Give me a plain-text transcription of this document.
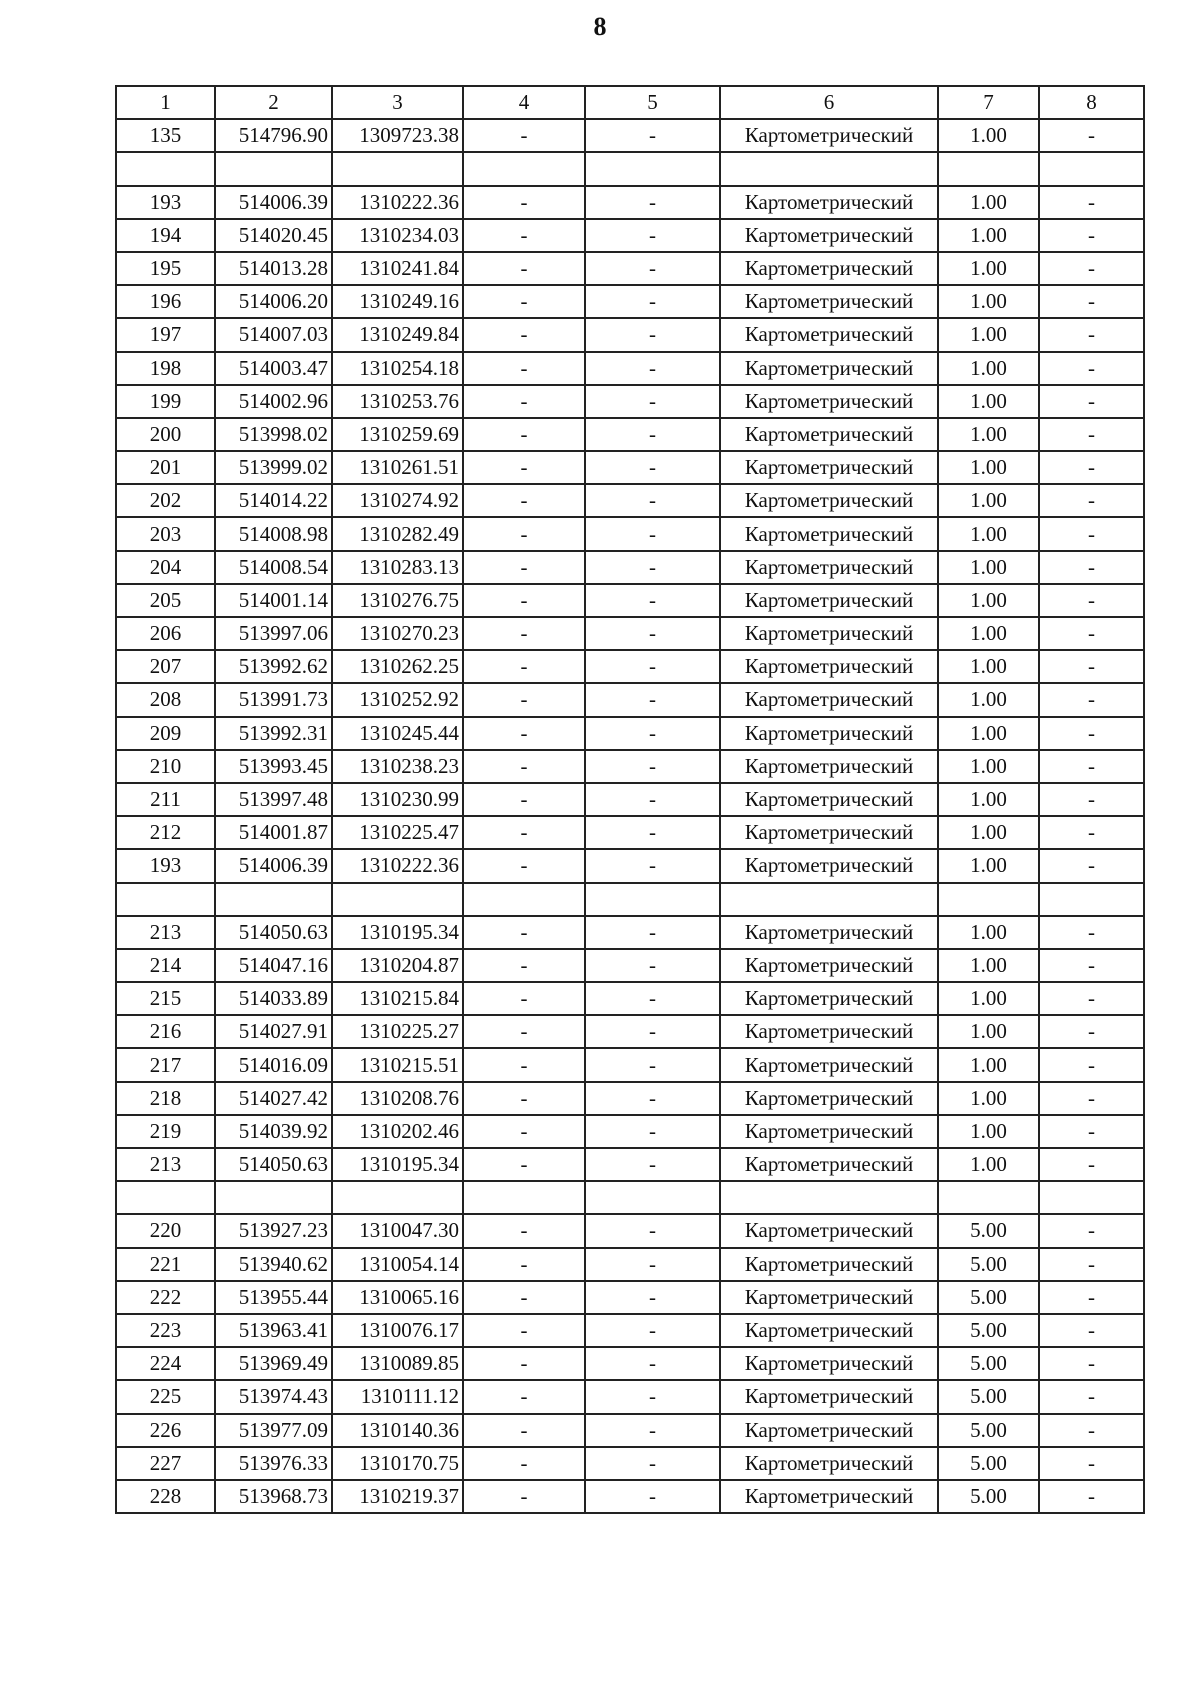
8
1	2	3	4	5	6	7	8
135	514796.90	1309723.38	-	-	Картометрический	1.00	-

193	514006.39	1310222.36	-	-	Картометрический	1.00	-
194	514020.45	1310234.03	-	-	Картометрический	1.00	-
195	514013.28	1310241.84	-	-	Картометрический	1.00	-
196	514006.20	1310249.16	-	-	Картометрический	1.00	-
197	514007.03	1310249.84	-	-	Картометрический	1.00	-
198	514003.47	1310254.18	-	-	Картометрический	1.00	-
199	514002.96	1310253.76	-	-	Картометрический	1.00	-
200	513998.02	1310259.69	-	-	Картометрический	1.00	-
201	513999.02	1310261.51	-	-	Картометрический	1.00	-
202	514014.22	1310274.92	-	-	Картометрический	1.00	-
203	514008.98	1310282.49	-	-	Картометрический	1.00	-
204	514008.54	1310283.13	-	-	Картометрический	1.00	-
205	514001.14	1310276.75	-	-	Картометрический	1.00	-
206	513997.06	1310270.23	-	-	Картометрический	1.00	-
207	513992.62	1310262.25	-	-	Картометрический	1.00	-
208	513991.73	1310252.92	-	-	Картометрический	1.00	-
209	513992.31	1310245.44	-	-	Картометрический	1.00	-
210	513993.45	1310238.23	-	-	Картометрический	1.00	-
211	513997.48	1310230.99	-	-	Картометрический	1.00	-
212	514001.87	1310225.47	-	-	Картометрический	1.00	-
193	514006.39	1310222.36	-	-	Картометрический	1.00	-

213	514050.63	1310195.34	-	-	Картометрический	1.00	-
214	514047.16	1310204.87	-	-	Картометрический	1.00	-
215	514033.89	1310215.84	-	-	Картометрический	1.00	-
216	514027.91	1310225.27	-	-	Картометрический	1.00	-
217	514016.09	1310215.51	-	-	Картометрический	1.00	-
218	514027.42	1310208.76	-	-	Картометрический	1.00	-
219	514039.92	1310202.46	-	-	Картометрический	1.00	-
213	514050.63	1310195.34	-	-	Картометрический	1.00	-

220	513927.23	1310047.30	-	-	Картометрический	5.00	-
221	513940.62	1310054.14	-	-	Картометрический	5.00	-
222	513955.44	1310065.16	-	-	Картометрический	5.00	-
223	513963.41	1310076.17	-	-	Картометрический	5.00	-
224	513969.49	1310089.85	-	-	Картометрический	5.00	-
225	513974.43	1310111.12	-	-	Картометрический	5.00	-
226	513977.09	1310140.36	-	-	Картометрический	5.00	-
227	513976.33	1310170.75	-	-	Картометрический	5.00	-
228	513968.73	1310219.37	-	-	Картометрический	5.00	-
